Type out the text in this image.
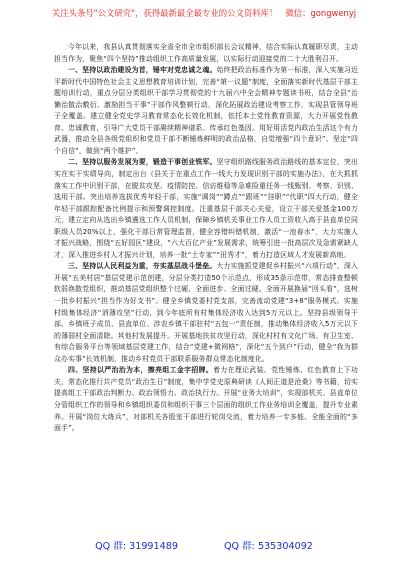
关注头条号"公文研究"，获得最新最全最专业的公文资料库！ 微信：gongwenyj

今年以来，我县认真贯彻落实全省全市全市组织部长会议精神，结合实际认真履职尽责，主动担当作为，聚焦“四个坚持”推动组织工作高质量发展，以实际行动迎接党的二十大胜利召开。

一、坚持以政治建设为首，锤牢对党忠诚之魂。始终把政治标准作为第一标准，深入实施习近平新时代中国特色社会主义思想教育培训计划，完善“第一议题”制度，全面落实新时代基层干部主题培训行动，重点分层分类组织干部学习贯彻党的十九届六中全会精神专题读书班，结合全县“治懒治散治敷衍、激励担当干事”干部作风整顿行动，深化拓展政治建设考察工作，实现县管领导班子全覆盖。建立健全党史学习教育常态化长效化机制，依托本土党性教育资源，大力开展党性教育、忠诚教育，引导广大党员干部赓续精神谱系、传承红色基因。用好用活党内政治生活这个有力武器，推动全县各级党组织和党员干部不断锤炼鲜明的政治品格，自觉增强“四个意识”、坚定“四个自信”，做到“两个维护”。

二、坚持以服务发展为要，锻造干事创业铁军。坚守组织路线服务政治路线的基本定位，突出实在实干实绩导向，制定出台《县关于在重点工作一线大力发现识别干部的实施办法》，在大抓抓落实工作中识别干部，在脱贫攻坚、疫情防控、信访维稳等急难险重任务一线甄别、考察、识别、选用干部。突出培养选拔优秀年轻干部，实施“调岗”“蹲点”“跟班”“挂职”“代职”四大行动，健全年轻干部跟踪配备比例提示和预警调控制度。注重基层干部关心关爱，设立干部关爱基金100万元，建立定向从选出乡镇遴选工作人员机制，保障乡镇机关事业工作人员工资收入高于县直单位同职级人员20%以上，强化干部日常管理监督，健全容错纠错机制，激活“一池春水”，大力实施人才振兴战略，围绕“五好园区”建设，“六大百亿产业”发展需求，统筹引进一批高层次及急需紧缺人才，深入推进乡村人才振兴计划，培养一批“土专家”“田秀才”，着力打造区域人才发展新高地。

三、坚持以人民利益为重，夯实基层战斗堡垒。大力实施抓党建促乡村振兴“六项行动”，深入开展“五美村居”基层党建示范创建，分层分类打造50个示范点，形成35条示范带，常态排查整顿软弱涣散党组织，推动基层党组织整个过硬、全面进步、全面过硬。全面开展换届“回头看”，选树一批乡村振兴“担当作为好支书”。健全乡镇党委村党支部，完善流动党建“3+8”服务模式。实施村级集体经济“消薄攻坚”行动，到今年底所有村集体经济收入达到5万元以上。坚持县级领导干部、乡镇班子成员、县直单位、涉农乡镇干部驻村“五包一”责任制，推动集体经济收入5万元以下的薄弱村全面清除。其他村发展提升。开展基地扶贫攻坚行动，深化村村有文化广场、有卫生室、有综合服务平台等领域基层党建工作，结合“党建+微网格”，深化“五个到户”行动，健全“我为群众办实事”长效机制，推动乡村党员干部联系服务群众常态化制度化。

四、坚持以严治治为本，擦亮组工金字招牌。着力在理论武装、党性锤炼、红色教育上下功夫，常态化推行共产党员“政治生日”制度，集中学党史原典研读《人间正道是沧桑》等书籍，切实提高组工干部政治判断力、政治领悟力、政治执行力。开展“业务大培训”，实现部机关、县直单位分管组织工作的领导和乡镇组织委员和组织干事三个层面的组织工作业务培训全覆盖，提升专业素养。开展“岗位大练兵”，对部机关各股室干部进行轮岗交流，着力培养一专多能、全能全面的“多面手”。

QQ 群: 31991489	QQ 群: 535304092
